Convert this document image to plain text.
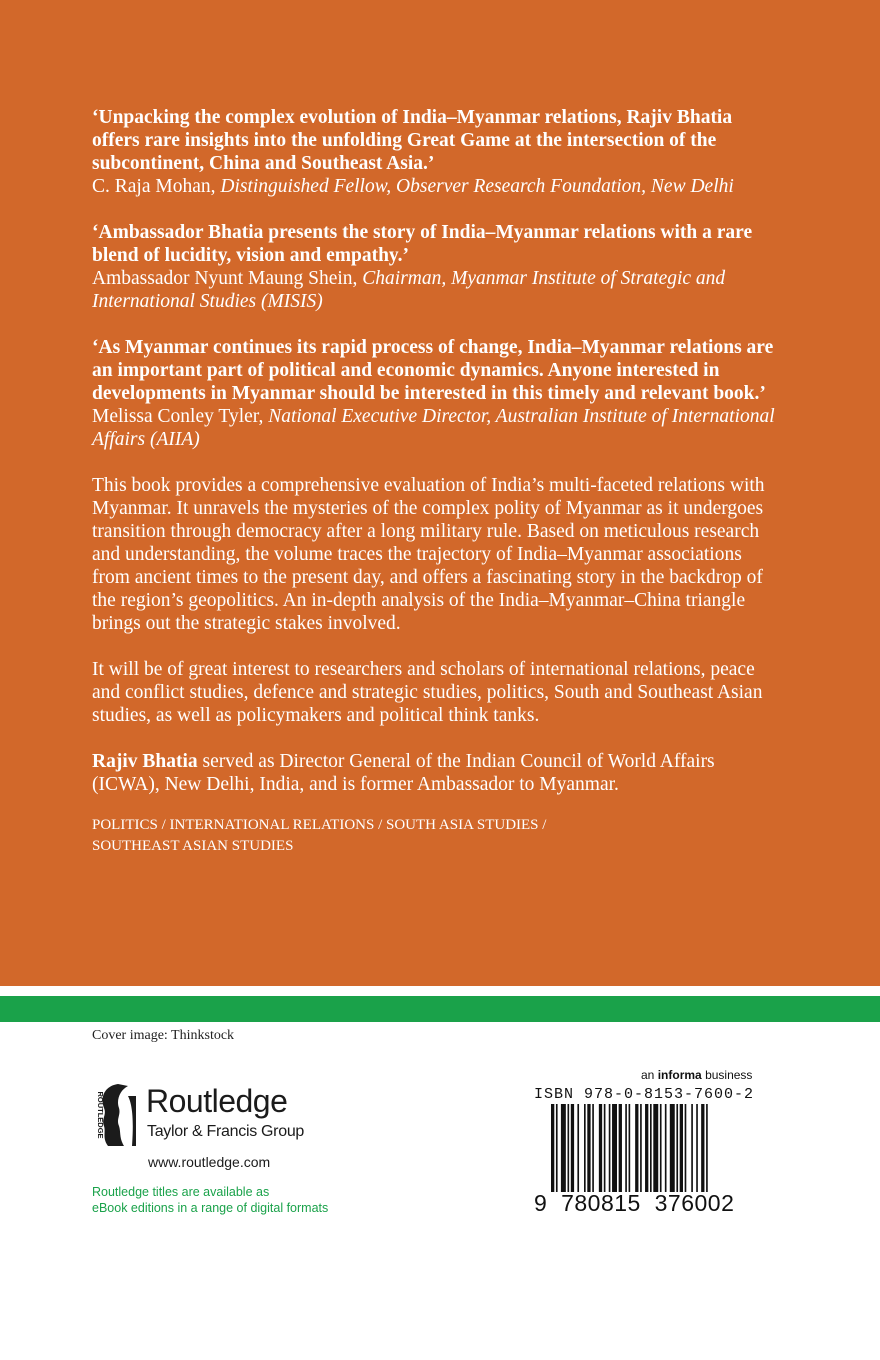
‘Unpacking the complex evolution of India–Myanmar relations, Rajiv Bhatia offers rare insights into the unfolding Great Game at the intersection of the subcontinent, China and Southeast Asia.’
C. Raja Mohan, Distinguished Fellow, Observer Research Foundation, New Delhi
‘Ambassador Bhatia presents the story of India–Myanmar relations with a rare blend of lucidity, vision and empathy.’
Ambassador Nyunt Maung Shein, Chairman, Myanmar Institute of Strategic and International Studies (MISIS)
‘As Myanmar continues its rapid process of change, India–Myanmar relations are an important part of political and economic dynamics. Anyone interested in developments in Myanmar should be interested in this timely and relevant book.’
Melissa Conley Tyler, National Executive Director, Australian Institute of International Affairs (AIIA)
This book provides a comprehensive evaluation of India’s multi-faceted relations with Myanmar. It unravels the mysteries of the complex polity of Myanmar as it undergoes transition through democracy after a long military rule. Based on meticulous research and understanding, the volume traces the trajectory of India–Myanmar associations from ancient times to the present day, and offers a fascinating story in the backdrop of the region’s geopolitics. An in-depth analysis of the India–Myanmar–China triangle brings out the strategic stakes involved.
It will be of great interest to researchers and scholars of international relations, peace and conflict studies, defence and strategic studies, politics, South and Southeast Asian studies, as well as policymakers and political think tanks.
Rajiv Bhatia served as Director General of the Indian Council of World Affairs (ICWA), New Delhi, India, and is former Ambassador to Myanmar.
POLITICS / INTERNATIONAL RELATIONS / SOUTH ASIA STUDIES /
SOUTHEAST ASIAN STUDIES
Cover image: Thinkstock
ROUTLEDGE Routledge
Taylor & Francis Group
www.routledge.com
Routledge titles are available as
eBook editions in a range of digital formats
an informa business
ISBN 978-0-8153-7600-2
9 780815 376002
